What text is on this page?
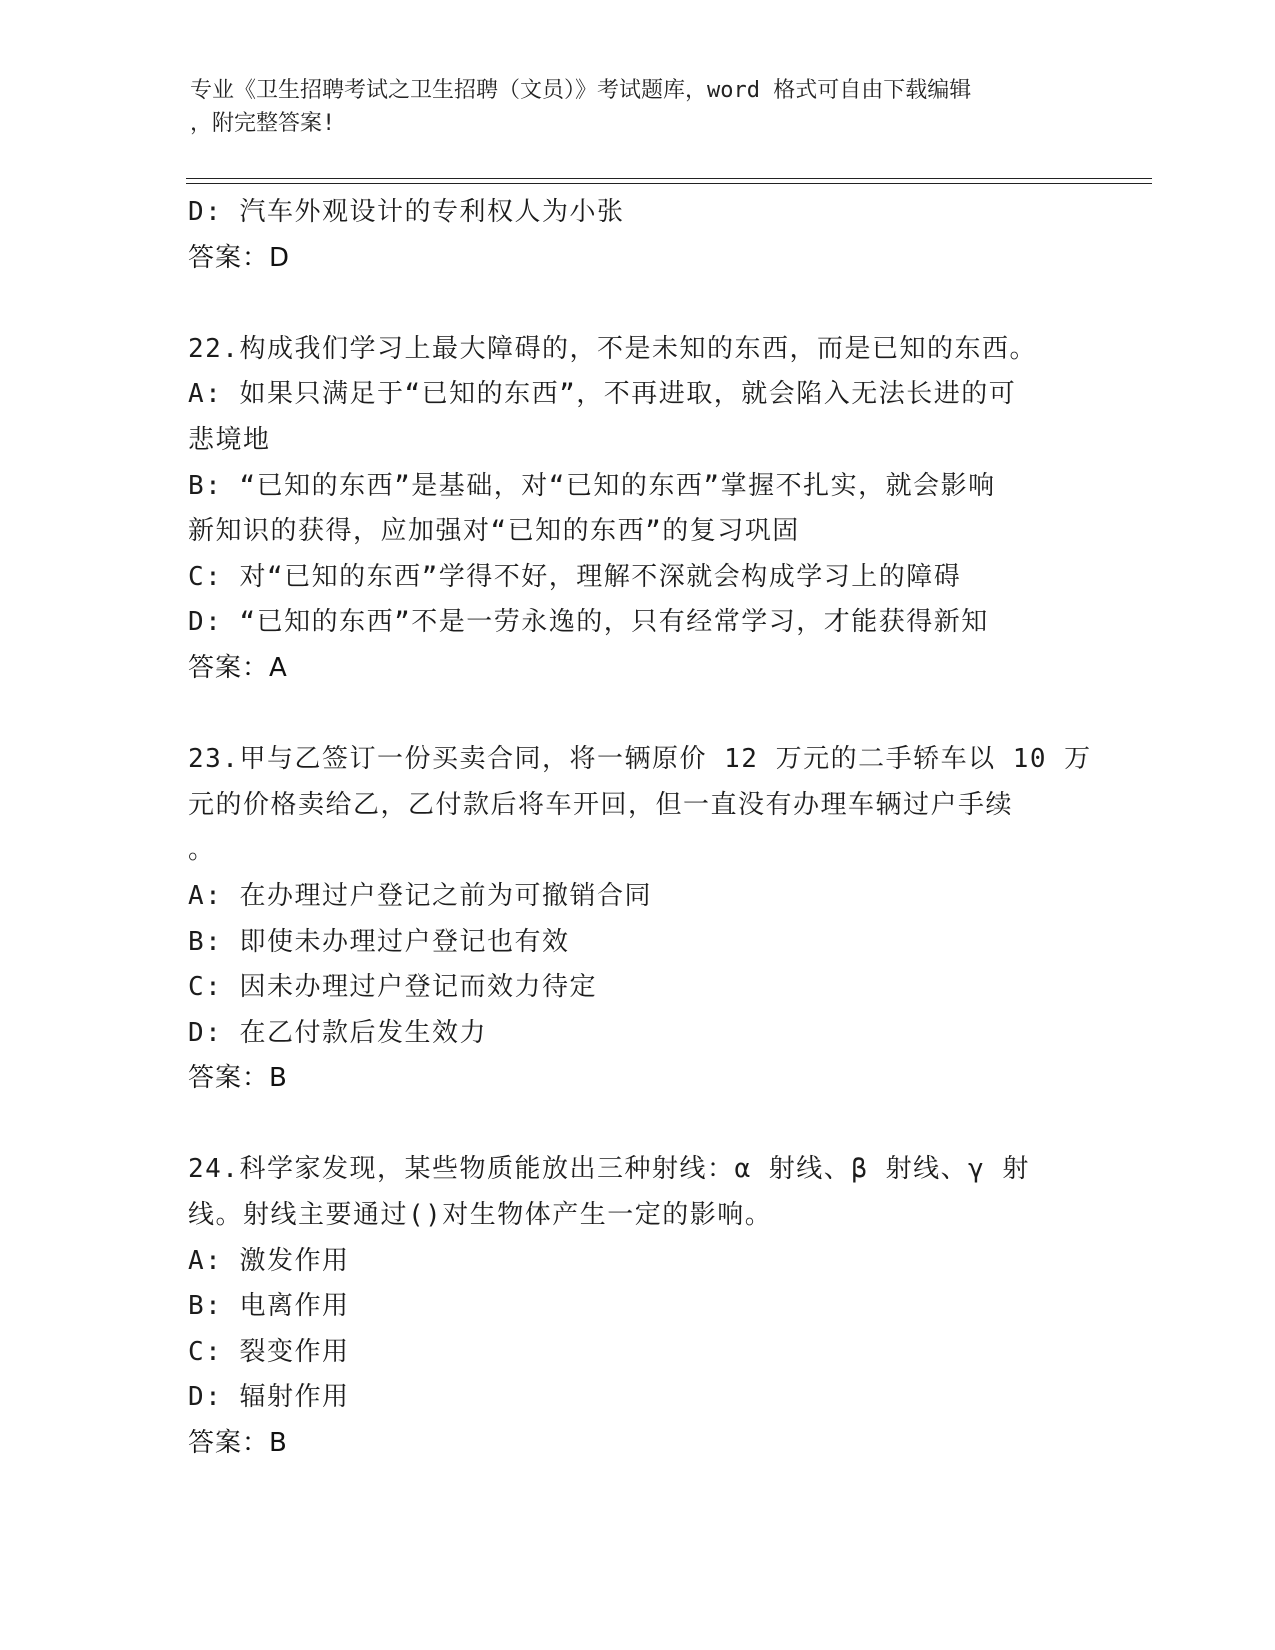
专业《卫生招聘考试之卫生招聘（文员）》考试题库，word 格式可自由下载编辑
，附完整答案!
D: 汽车外观设计的专利权人为小张
答案：D
22.构成我们学习上最大障碍的，不是未知的东西，而是已知的东西。
A: 如果只满足于“已知的东西”，不再进取，就会陷入无法长进的可
悲境地
B: “已知的东西”是基础，对“已知的东西”掌握不扎实，就会影响
新知识的获得，应加强对“已知的东西”的复习巩固
C: 对“已知的东西”学得不好，理解不深就会构成学习上的障碍
D: “已知的东西”不是一劳永逸的，只有经常学习，才能获得新知
答案：A
23.甲与乙签订一份买卖合同，将一辆原价 12 万元的二手轿车以 10 万
元的价格卖给乙，乙付款后将车开回，但一直没有办理车辆过户手续
。
A: 在办理过户登记之前为可撤销合同
B: 即使未办理过户登记也有效
C: 因未办理过户登记而效力待定
D: 在乙付款后发生效力
答案：B
24.科学家发现，某些物质能放出三种射线：α 射线、β 射线、γ 射
线。射线主要通过()对生物体产生一定的影响。
A: 激发作用
B: 电离作用
C: 裂变作用
D: 辐射作用
答案：B
